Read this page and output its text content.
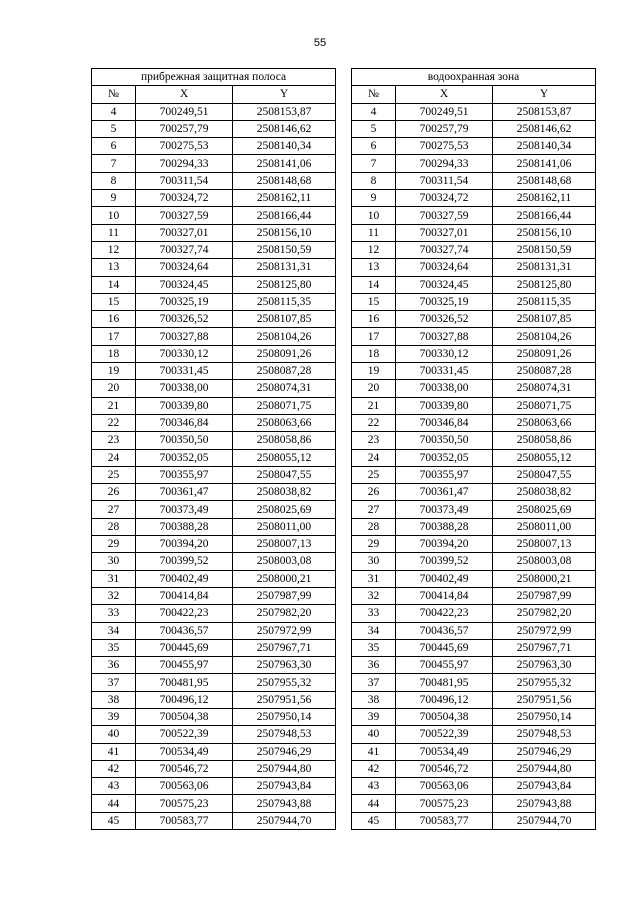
55
прибрежная защитная полоса		
№	X	Y
4	700249,51	2508153,87
5	700257,79	2508146,62
6	700275,53	2508140,34
7	700294,33	2508141,06
8	700311,54	2508148,68
9	700324,72	2508162,11
10	700327,59	2508166,44
11	700327,01	2508156,10
12	700327,74	2508150,59
13	700324,64	2508131,31
14	700324,45	2508125,80
15	700325,19	2508115,35
16	700326,52	2508107,85
17	700327,88	2508104,26
18	700330,12	2508091,26
19	700331,45	2508087,28
20	700338,00	2508074,31
21	700339,80	2508071,75
22	700346,84	2508063,66
23	700350,50	2508058,86
24	700352,05	2508055,12
25	700355,97	2508047,55
26	700361,47	2508038,82
27	700373,49	2508025,69
28	700388,28	2508011,00
29	700394,20	2508007,13
30	700399,52	2508003,08
31	700402,49	2508000,21
32	700414,84	2507987,99
33	700422,23	2507982,20
34	700436,57	2507972,99
35	700445,69	2507967,71
36	700455,97	2507963,30
37	700481,95	2507955,32
38	700496,12	2507951,56
39	700504,38	2507950,14
40	700522,39	2507948,53
41	700534,49	2507946,29
42	700546,72	2507944,80
43	700563,06	2507943,84
44	700575,23	2507943,88
45	700583,77	2507944,70
водоохранная зона		
№	X	Y
4	700249,51	2508153,87
5	700257,79	2508146,62
6	700275,53	2508140,34
7	700294,33	2508141,06
8	700311,54	2508148,68
9	700324,72	2508162,11
10	700327,59	2508166,44
11	700327,01	2508156,10
12	700327,74	2508150,59
13	700324,64	2508131,31
14	700324,45	2508125,80
15	700325,19	2508115,35
16	700326,52	2508107,85
17	700327,88	2508104,26
18	700330,12	2508091,26
19	700331,45	2508087,28
20	700338,00	2508074,31
21	700339,80	2508071,75
22	700346,84	2508063,66
23	700350,50	2508058,86
24	700352,05	2508055,12
25	700355,97	2508047,55
26	700361,47	2508038,82
27	700373,49	2508025,69
28	700388,28	2508011,00
29	700394,20	2508007,13
30	700399,52	2508003,08
31	700402,49	2508000,21
32	700414,84	2507987,99
33	700422,23	2507982,20
34	700436,57	2507972,99
35	700445,69	2507967,71
36	700455,97	2507963,30
37	700481,95	2507955,32
38	700496,12	2507951,56
39	700504,38	2507950,14
40	700522,39	2507948,53
41	700534,49	2507946,29
42	700546,72	2507944,80
43	700563,06	2507943,84
44	700575,23	2507943,88
45	700583,77	2507944,70
